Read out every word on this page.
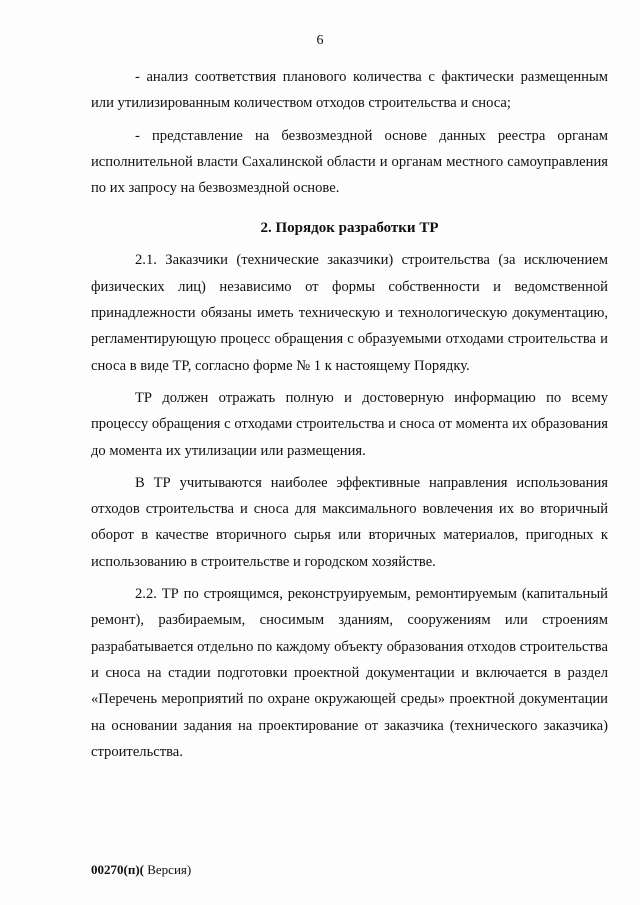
6

- анализ соответствия планового количества с фактически размещенным или утилизированным количеством отходов строительства и сноса;

- представление на безвозмездной основе данных реестра органам исполнительной власти Сахалинской области и органам местного самоуправления по их запросу на безвозмездной основе.

2. Порядок разработки ТР

2.1. Заказчики (технические заказчики) строительства (за исключением физических лиц) независимо от формы собственности и ведомственной принадлежности обязаны иметь техническую и технологическую документацию, регламентирующую процесс обращения с образуемыми отходами строительства и сноса в виде ТР, согласно форме № 1 к настоящему Порядку.

ТР должен отражать полную и достоверную информацию по всему процессу обращения с отходами строительства и сноса от момента их образования до момента их утилизации или размещения.

В ТР учитываются наиболее эффективные направления использования отходов строительства и сноса для максимального вовлечения их во вторичный оборот в качестве вторичного сырья или вторичных материалов, пригодных к использованию в строительстве и городском хозяйстве.

2.2. ТР по строящимся, реконструируемым, ремонтируемым (капитальный ремонт), разбираемым, сносимым зданиям, сооружениям или строениям разрабатывается отдельно по каждому объекту образования отходов строительства и сноса на стадии подготовки проектной документации и включается в раздел «Перечень мероприятий по охране окружающей среды» проектной документации на основании задания на проектирование от заказчика (технического заказчика) строительства.

00270(п)( Версия)
